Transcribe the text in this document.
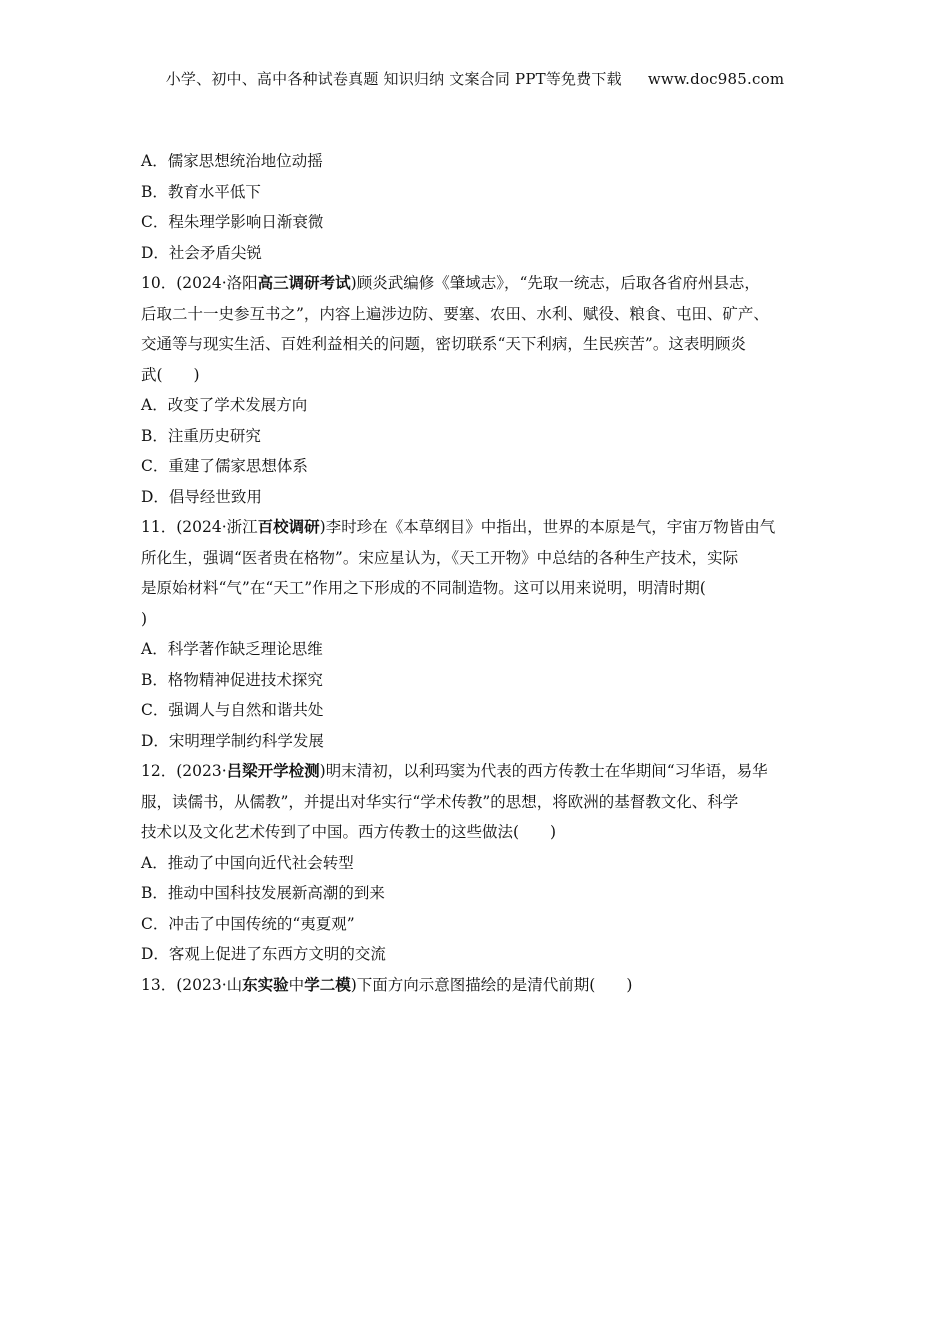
小学、初中、高中各种试卷真题 知识归纳 文案合同 PPT等免费下载 www.doc985.com
A．儒家思想统治地位动摇
B．教育水平低下
C．程朱理学影响日渐衰微
D．社会矛盾尖锐
10．(2024·洛阳高三调研考试)顾炎武编修《肇域志》，“先取一统志，后取各省府州县志，
后取二十一史参互书之”，内容上遍涉边防、要塞、农田、水利、赋役、粮食、屯田、矿产、
交通等与现实生活、百姓利益相关的问题，密切联系“天下利病，生民疾苦”。这表明顾炎
武(　　)
A．改变了学术发展方向
B．注重历史研究
C．重建了儒家思想体系
D．倡导经世致用
11．(2024·浙江百校调研)李时珍在《本草纲目》中指出，世界的本原是气，宇宙万物皆由气
所化生，强调“医者贵在格物”。宋应星认为，《天工开物》中总结的各种生产技术，实际
是原始材料“气”在“天工”作用之下形成的不同制造物。这可以用来说明，明清时期(
)
A．科学著作缺乏理论思维
B．格物精神促进技术探究
C．强调人与自然和谐共处
D．宋明理学制约科学发展
12．(2023·吕梁开学检测)明末清初，以利玛窦为代表的西方传教士在华期间“习华语，易华
服，读儒书，从儒教”，并提出对华实行“学术传教”的思想，将欧洲的基督教文化、科学
技术以及文化艺术传到了中国。西方传教士的这些做法(　　)
A．推动了中国向近代社会转型
B．推动中国科技发展新高潮的到来
C．冲击了中国传统的“夷夏观”
D．客观上促进了东西方文明的交流
13．(2023·山东实验中学二模)下面方向示意图描绘的是清代前期(　　)
